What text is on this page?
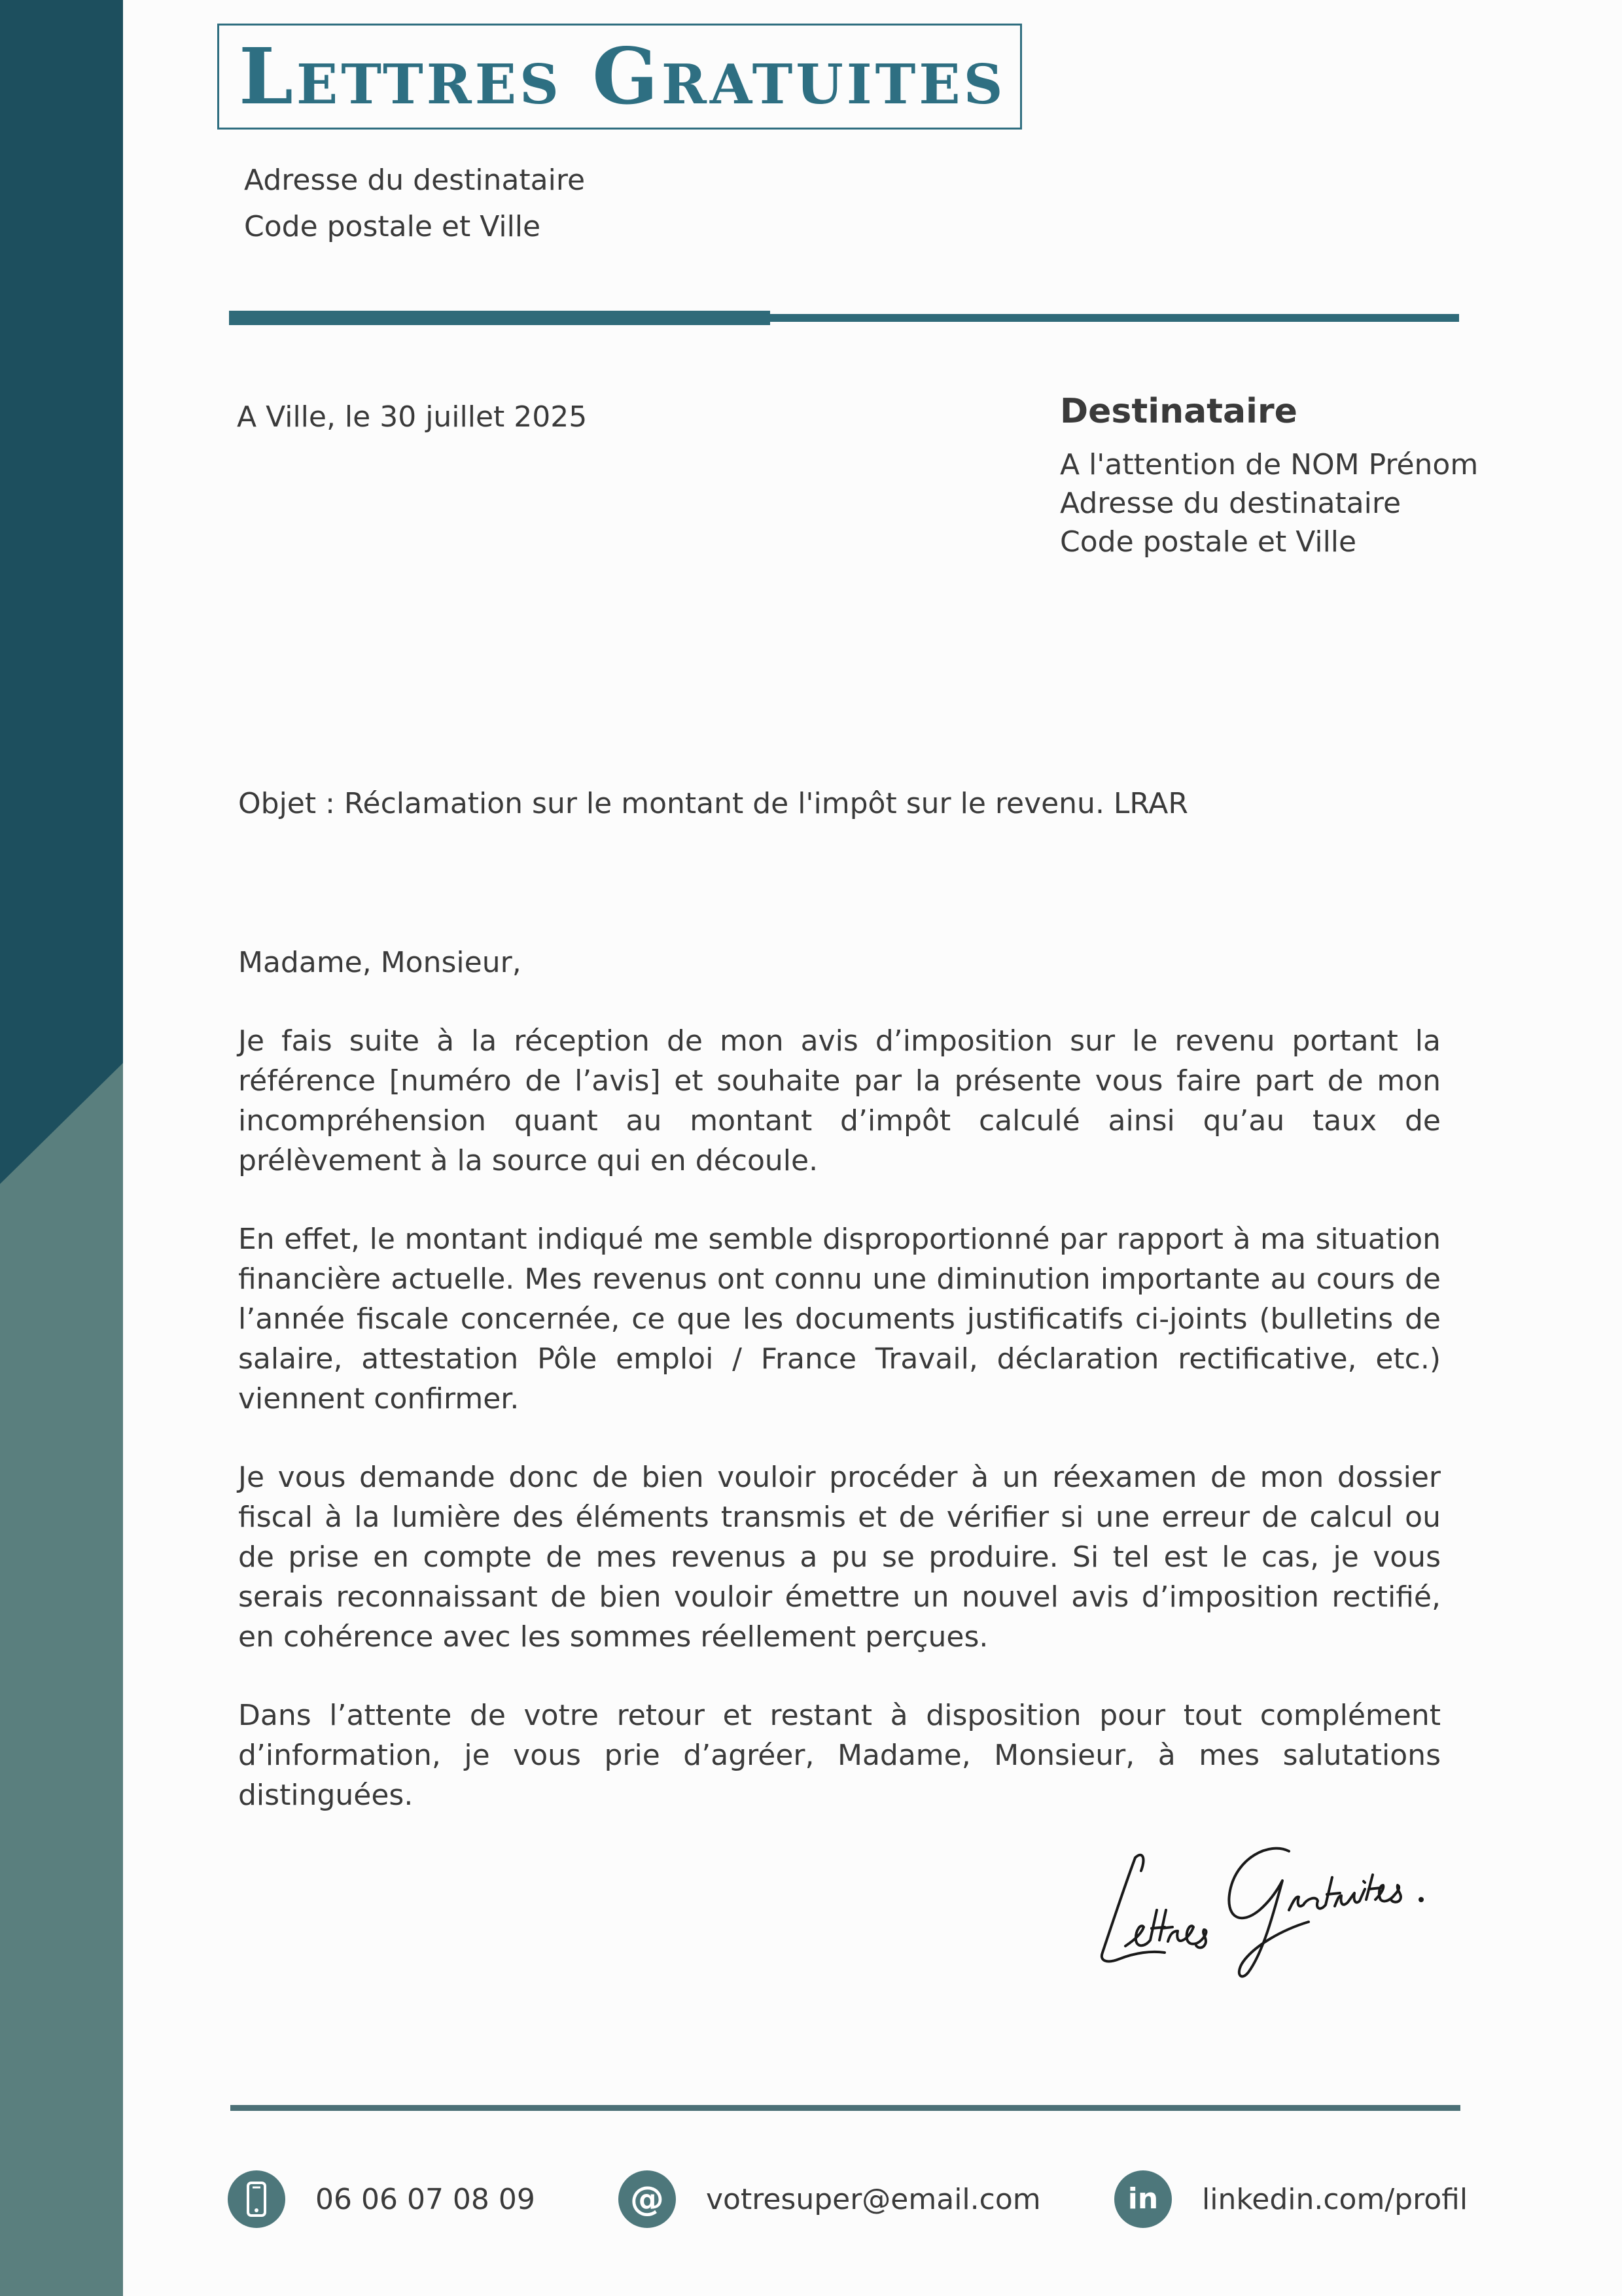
Lettres Gratuites
Adresse du destinataire
Code postale et Ville
A Ville, le 30 juillet 2025	Destinataire
A l'attention de NOM Prénom
Adresse du destinataire
Code postale et Ville
Objet : Réclamation sur le montant de l'impôt sur le revenu. LRAR

Madame, Monsieur,

Je fais suite à la réception de mon avis d’imposition sur le revenu portant la référence [numéro de l’avis] et souhaite par la présente vous faire part de mon incompréhension quant au montant d’impôt calculé ainsi qu’au taux de prélèvement à la source qui en découle.

En effet, le montant indiqué me semble disproportionné par rapport à ma situation financière actuelle. Mes revenus ont connu une diminution importante au cours de l’année fiscale concernée, ce que les documents justificatifs ci-joints (bulletins de salaire, attestation Pôle emploi / France Travail, déclaration rectificative, etc.) viennent confirmer.

Je vous demande donc de bien vouloir procéder à un réexamen de mon dossier fiscal à la lumière des éléments transmis et de vérifier si une erreur de calcul ou de prise en compte de mes revenus a pu se produire. Si tel est le cas, je vous serais reconnaissant de bien vouloir émettre un nouvel avis d’imposition rectifié, en cohérence avec les sommes réellement perçues.

Dans l’attente de votre retour et restant à disposition pour tout complément d’information, je vous prie d’agréer, Madame, Monsieur, à mes salutations distinguées.

06 06 07 08 09	@ votresuper@email.com	in linkedin.com/profil
